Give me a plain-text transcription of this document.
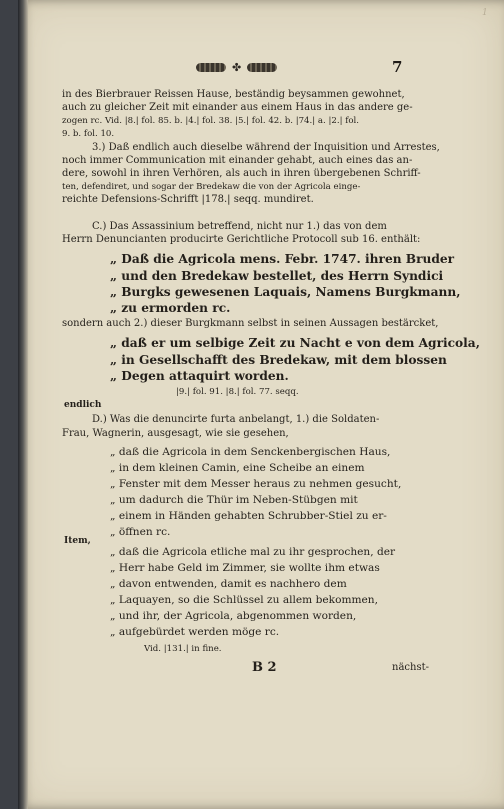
1
✤	7
in des Bierbrauer Reissen Hause, beständig beysammen gewohnet,
auch zu gleicher Zeit mit einander aus einem Haus in das andere ge-
zogen rc. Vid. |8.| fol. 85. b. |4.| fol. 38. |5.| fol. 42. b. |74.| a. |2.| fol.
9. b. fol. 10.
3.) Daß endlich auch dieselbe während der Inquisition und Arrestes,
noch immer Communication mit einander gehabt, auch eines das an-
dere, sowohl in ihren Verhören, als auch in ihren übergebenen Schriff-
ten, defendiret, und sogar der Bredekaw die von der Agricola einge-
reichte Defensions-Schrifft |178.| seqq. mundiret.
C.) Das Assassinium betreffend, nicht nur 1.) das von dem
Herrn Denuncianten producirte Gerichtliche Protocoll sub 16. enthält:
„ Daß die Agricola mens. Febr. 1747. ihren Bruder
„ und den Bredekaw bestellet, des Herrn Syndici
„ Burgks gewesenen Laquais, Namens Burgkmann,
„ zu ermorden rc.
sondern auch 2.) dieser Burgkmann selbst in seinen Aussagen bestärcket,
„ daß er um selbige Zeit zu Nacht e von dem Agricola,
„ in Gesellschafft des Bredekaw, mit dem blossen
„ Degen attaquirt worden.
|9.| fol. 91. |8.| fol. 77. seqq.
endlich
D.) Was die denuncirte furta anbelangt, 1.) die Soldaten-
Frau, Wagnerin, ausgesagt, wie sie gesehen,
„ daß die Agricola in dem Senckenbergischen Haus,
„ in dem kleinen Camin, eine Scheibe an einem
„ Fenster mit dem Messer heraus zu nehmen gesucht,
„ um dadurch die Thür im Neben-Stübgen mit
„ einem in Händen gehabten Schrubber-Stiel zu er-
„ öffnen rc.
Item,
„ daß die Agricola etliche mal zu ihr gesprochen, der
„ Herr habe Geld im Zimmer, sie wollte ihm etwas
„ davon entwenden, damit es nachhero dem
„ Laquayen, so die Schlüssel zu allem bekommen,
„ und ihr, der Agricola, abgenommen worden,
„ aufgebürdet werden möge rc.
Vid. |131.| in fine.
B 2	nächst-
